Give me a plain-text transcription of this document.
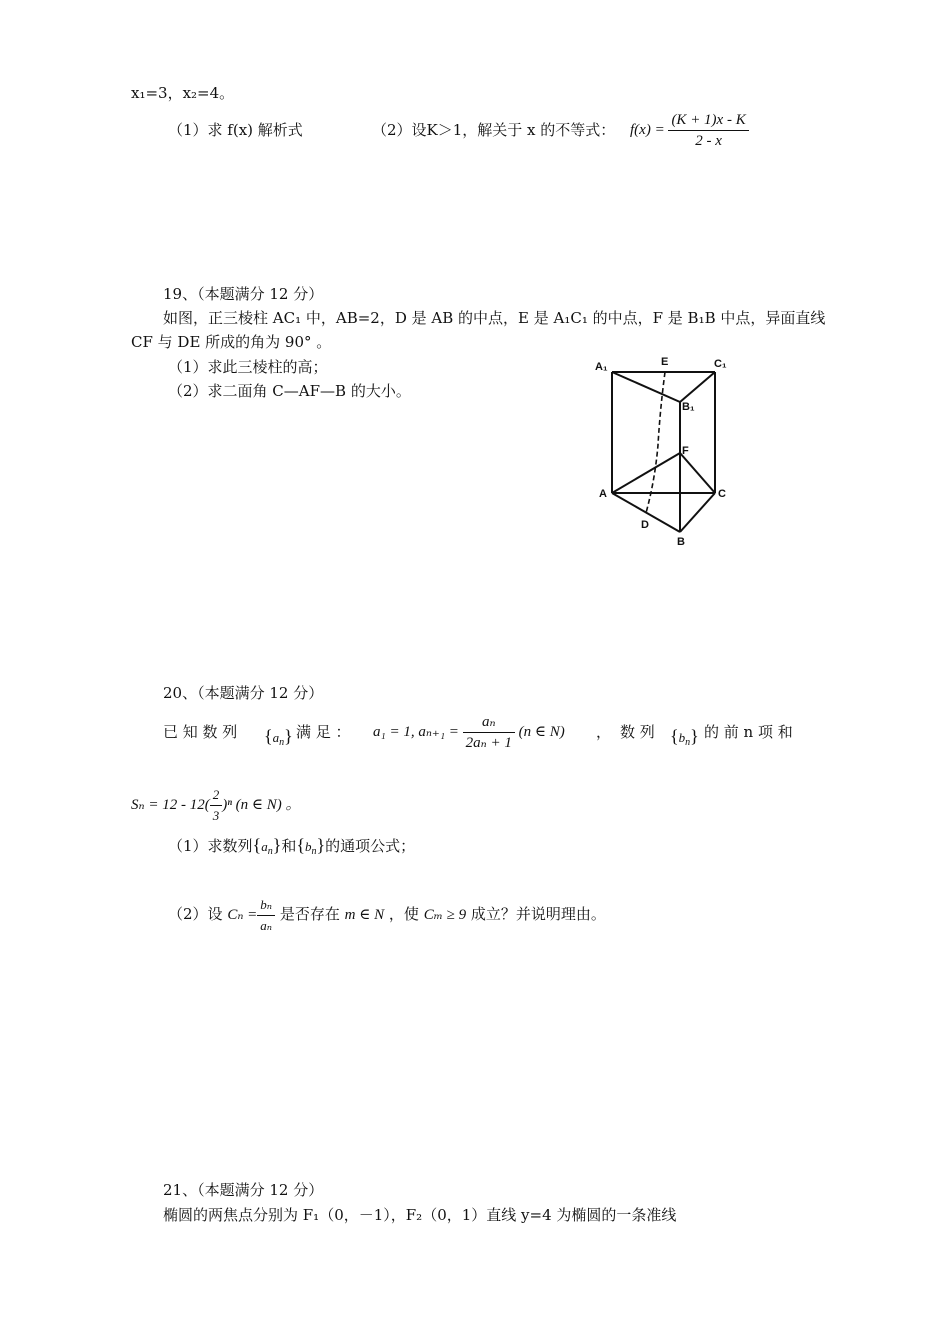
x₁=3，x₂=4。
（1）求 f(x) 解析式	（2）设K＞1，解关于 x 的不等式： $f(x) = \frac{(K + 1)x - K}{2 - x}$
19、（本题满分 12 分）
如图，正三棱柱 AC₁ 中，AB=2，D 是 AB 的中点，E 是 A₁C₁ 的中点，F 是 B₁B 中点，异面直线
CF 与 DE 所成的角为 90° 。
（1）求此三棱柱的高；
（2）求二面角 C—AF—B 的大小。
A₁	E	C₁
B₁
F
A	C
D
B
20、（本题满分 12 分）
已 知 数 列 $\{a_n\}$ 满 足 ： a₁ = 1, $a_{n+1} = \frac{\text{aₙ}}{\text{2aₙ + 1}} (n$ ∈ N) ， 数 列 $\{b_n\}$ 的 前 n 项 和
$S_n = 12 - 12( \frac{2}{3} )^n$ (n ∈ N) 。
（1）求数列$\{a_n\}$和$\{b_n\}$的通项公式；
（2）设 $C_n = \frac{\text{bₙ}}{\text{aₙ}}$ 是否存在 m ∈ N ，使 Cₘ ≥ 9 成立？并说明理由。
21、（本题满分 12 分）
椭圆的两焦点分别为 F₁（0，－1），F₂（0，1）直线 y=4 为椭圆的一条准线
